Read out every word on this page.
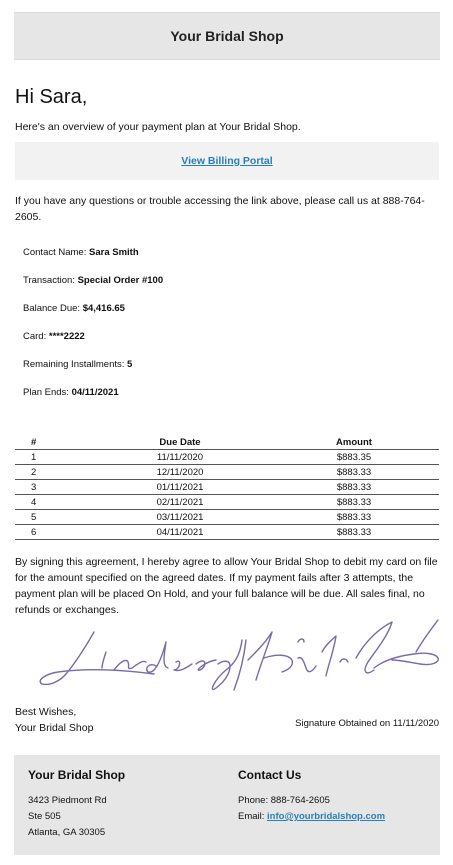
Your Bridal Shop
Hi Sara,
Here's an overview of your payment plan at Your Bridal Shop.
View Billing Portal
If you have any questions or trouble accessing the link above, please call us at 888-764-2605.
Contact Name: Sara Smith
Transaction: Special Order #100
Balance Due: $4,416.65
Card: ****2222
Remaining Installments: 5
Plan Ends: 04/11/2021
#	Due Date	Amount
1	11/11/2020	$883.35
2	12/11/2020	$883.33
3	01/11/2021	$883.33
4	02/11/2021	$883.33
5	03/11/2021	$883.33
6	04/11/2021	$883.33
By signing this agreement, I hereby agree to allow Your Bridal Shop to debit my card on file for the amount specified on the agreed dates. If my payment fails after 3 attempts, the payment plan will be placed On Hold, and your full balance will be due. All sales final, no refunds or exchanges.
Best Wishes,
Your Bridal Shop	Signature Obtained on 11/11/2020
Your Bridal Shop
3423 Piedmont Rd
Ste 505
Atlanta, GA 30305
Contact Us
Phone: 888-764-2605
Email: info@yourbridalshop.com
